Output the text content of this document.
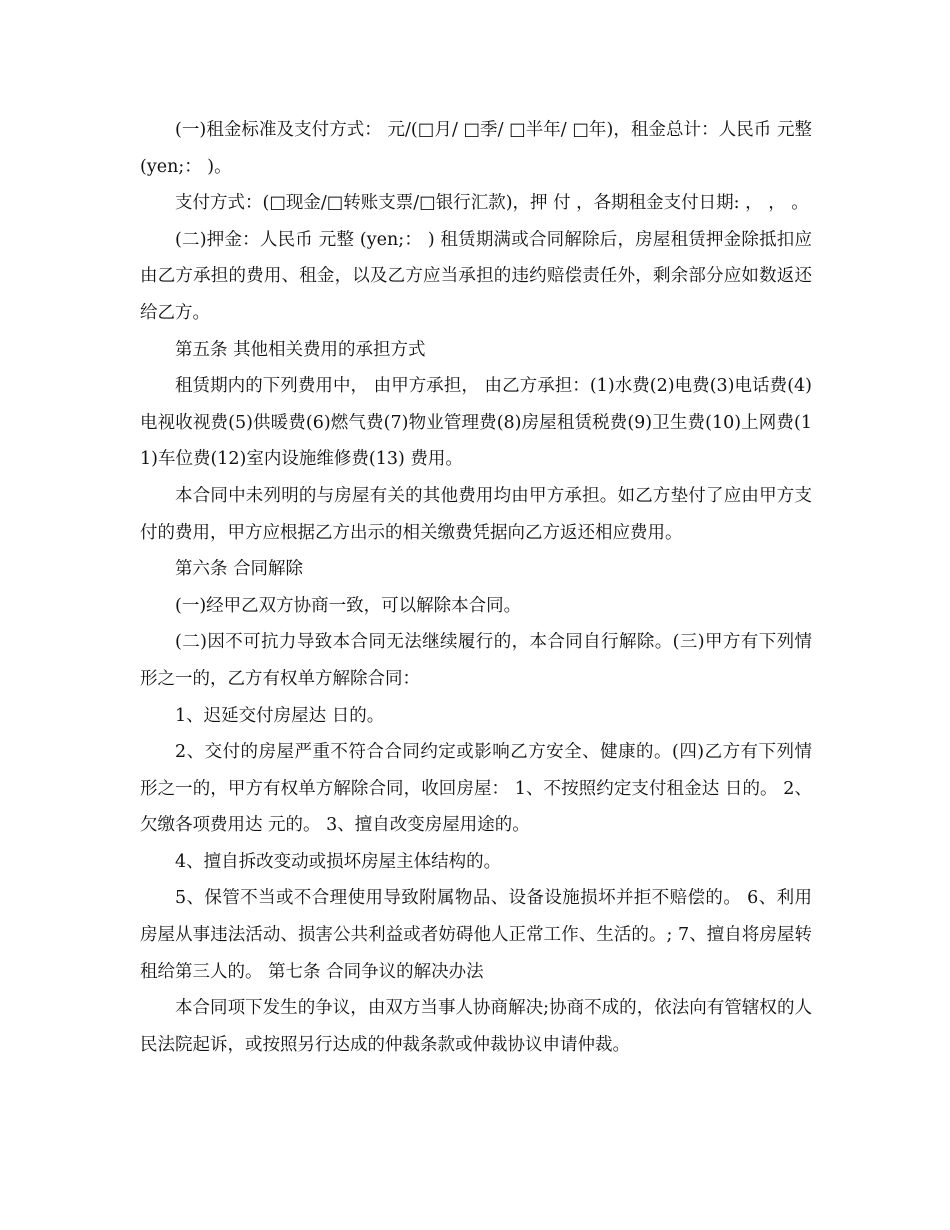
(一)租金标准及支付方式： 元/(□月/ □季/ □半年/ □年)，租金总计：人民币 元整(yen;： )。

支付方式：(□现金/□转账支票/□银行汇款)，押 付 ，各期租金支付日期: ， ， 。

(二)押金：人民币 元整 (yen;： ) 租赁期满或合同解除后，房屋租赁押金除抵扣应由乙方承担的费用、租金，以及乙方应当承担的违约赔偿责任外，剩余部分应如数返还给乙方。

第五条 其他相关费用的承担方式

租赁期内的下列费用中， 由甲方承担， 由乙方承担：(1)水费(2)电费(3)电话费(4)电视收视费(5)供暖费(6)燃气费(7)物业管理费(8)房屋租赁税费(9)卫生费(10)上网费(11)车位费(12)室内设施维修费(13) 费用。

本合同中未列明的与房屋有关的其他费用均由甲方承担。如乙方垫付了应由甲方支付的费用，甲方应根据乙方出示的相关缴费凭据向乙方返还相应费用。

第六条 合同解除

(一)经甲乙双方协商一致，可以解除本合同。

(二)因不可抗力导致本合同无法继续履行的，本合同自行解除。(三)甲方有下列情形之一的，乙方有权单方解除合同：

1、迟延交付房屋达 日的。

2、交付的房屋严重不符合合同约定或影响乙方安全、健康的。(四)乙方有下列情形之一的，甲方有权单方解除合同，收回房屋： 1、不按照约定支付租金达 日的。 2、欠缴各项费用达 元的。 3、擅自改变房屋用途的。

4、擅自拆改变动或损坏房屋主体结构的。

5、保管不当或不合理使用导致附属物品、设备设施损坏并拒不赔偿的。 6、利用房屋从事违法活动、损害公共利益或者妨碍他人正常工作、生活的。; 7、擅自将房屋转租给第三人的。 第七条 合同争议的解决办法

本合同项下发生的争议，由双方当事人协商解决;协商不成的，依法向有管辖权的人民法院起诉，或按照另行达成的仲裁条款或仲裁协议申请仲裁。
